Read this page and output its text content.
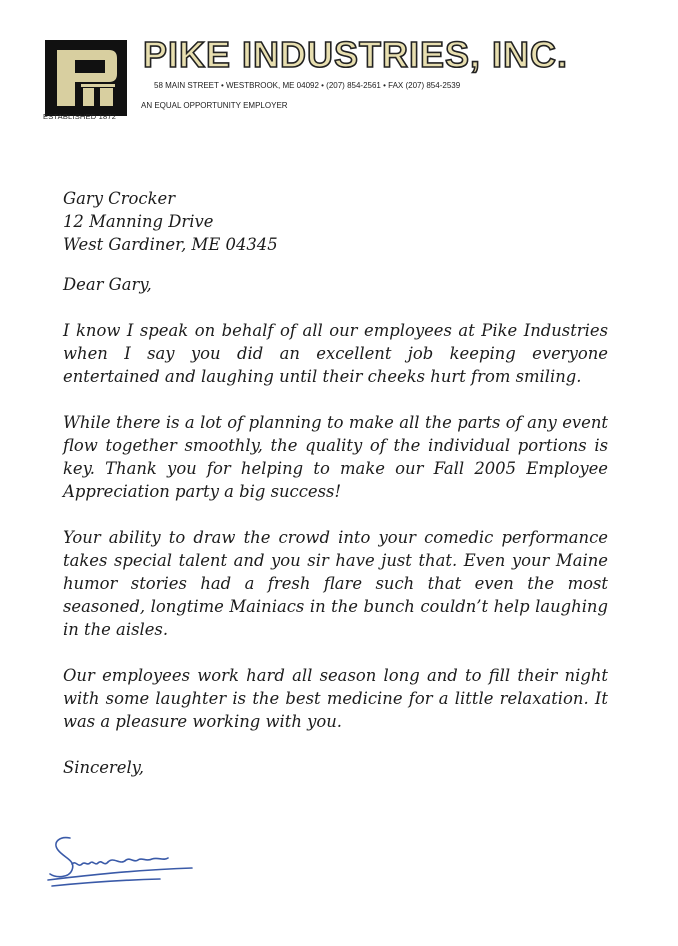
ESTABLISHED 1872
PIKE INDUSTRIES, INC.
58 MAIN STREET • WESTBROOK, ME 04092 • (207) 854-2561 • FAX (207) 854-2539
AN EQUAL OPPORTUNITY EMPLOYER
Gary Crocker
12 Manning Drive
West Gardiner, ME 04345
Dear Gary,
I know I speak on behalf of all our employees at Pike Industries when I say you did an excellent job keeping everyone entertained and laughing until their cheeks hurt from smiling.
While there is a lot of planning to make all the parts of any event flow together smoothly, the quality of the individual portions is key. Thank you for helping to make our Fall 2005 Employee Appreciation party a big success!
Your ability to draw the crowd into your comedic performance takes special talent and you sir have just that. Even your Maine humor stories had a fresh flare such that even the most seasoned, longtime Mainiacs in the bunch couldn’t help laughing in the aisles.
Our employees work hard all season long and to fill their night with some laughter is the best medicine for a little relaxation. It was a pleasure working with you.
Sincerely,
